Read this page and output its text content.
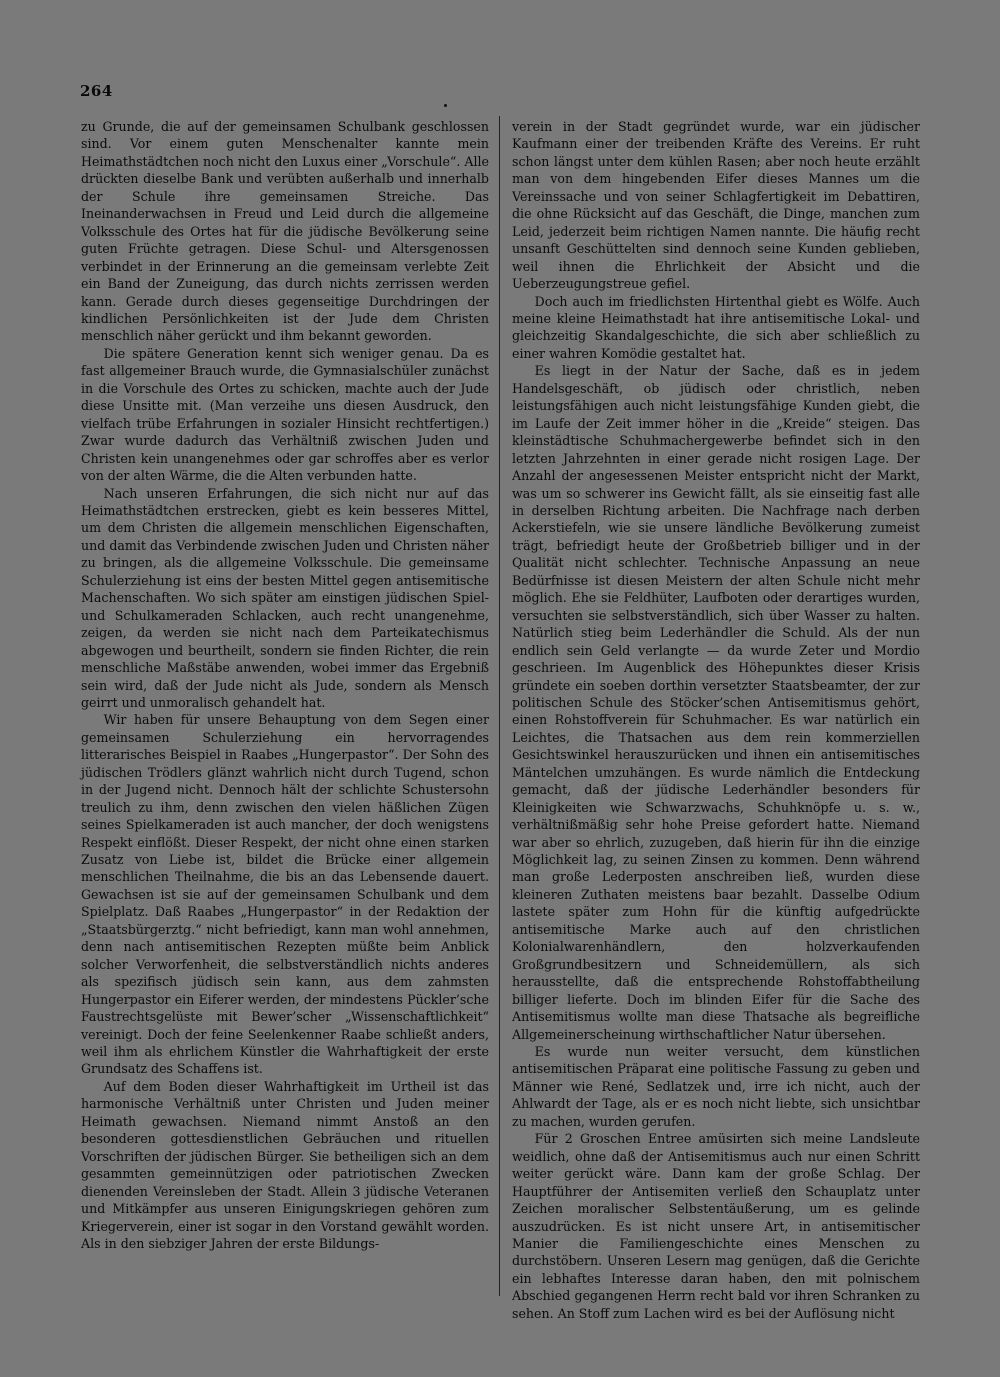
264

zu Grunde, die auf der gemeinsamen Schulbank geschlossen sind. Vor einem guten Menschenalter kannte mein Heimathstädtchen noch nicht den Luxus einer „Vorschule“. Alle drückten dieselbe Bank und verübten außerhalb und innerhalb der Schule ihre gemeinsamen Streiche. Das Ineinanderwachsen in Freud und Leid durch die allgemeine Volksschule des Ortes hat für die jüdische Bevölkerung seine guten Früchte getragen. Diese Schul- und Altersgenossen verbindet in der Erinnerung an die gemeinsam verlebte Zeit ein Band der Zuneigung, das durch nichts zerrissen werden kann. Gerade durch dieses gegenseitige Durchdringen der kindlichen Persönlichkeiten ist der Jude dem Christen menschlich näher gerückt und ihm bekannt geworden.

Die spätere Generation kennt sich weniger genau. Da es fast allgemeiner Brauch wurde, die Gymnasialschüler zunächst in die Vorschule des Ortes zu schicken, machte auch der Jude diese Unsitte mit. (Man verzeihe uns diesen Ausdruck, den vielfach trübe Erfahrungen in sozialer Hinsicht rechtfertigen.) Zwar wurde dadurch das Verhältniß zwischen Juden und Christen kein unangenehmes oder gar schroffes aber es verlor von der alten Wärme, die die Alten verbunden hatte.

Nach unseren Erfahrungen, die sich nicht nur auf das Heimathstädtchen erstrecken, giebt es kein besseres Mittel, um dem Christen die allgemein menschlichen Eigenschaften, und damit das Verbindende zwischen Juden und Christen näher zu bringen, als die allgemeine Volksschule. Die gemeinsame Schulerziehung ist eins der besten Mittel gegen antisemitische Machenschaften. Wo sich später am einstigen jüdischen Spiel- und Schulkameraden Schlacken, auch recht unangenehme, zeigen, da werden sie nicht nach dem Parteikatechismus abgewogen und beurtheilt, sondern sie finden Richter, die rein menschliche Maßstäbe anwenden, wobei immer das Ergebniß sein wird, daß der Jude nicht als Jude, sondern als Mensch geirrt und unmoralisch gehandelt hat.

Wir haben für unsere Behauptung von dem Segen einer gemeinsamen Schulerziehung ein hervorragendes litterarisches Beispiel in Raabes „Hungerpastor“. Der Sohn des jüdischen Trödlers glänzt wahrlich nicht durch Tugend, schon in der Jugend nicht. Dennoch hält der schlichte Schustersohn treulich zu ihm, denn zwischen den vielen häßlichen Zügen seines Spielkameraden ist auch mancher, der doch wenigstens Respekt einflößt. Dieser Respekt, der nicht ohne einen starken Zusatz von Liebe ist, bildet die Brücke einer allgemein menschlichen Theilnahme, die bis an das Lebensende dauert. Gewachsen ist sie auf der gemeinsamen Schulbank und dem Spielplatz. Daß Raabes „Hungerpastor“ in der Redaktion der „Staatsbürgerztg.“ nicht befriedigt, kann man wohl annehmen, denn nach antisemitischen Rezepten müßte beim Anblick solcher Verworfenheit, die selbstverständlich nichts anderes als spezifisch jüdisch sein kann, aus dem zahmsten Hungerpastor ein Eiferer werden, der mindestens Pückler’sche Faustrechtsgelüste mit Bewer’scher „Wissenschaftlichkeit“ vereinigt. Doch der feine Seelenkenner Raabe schließt anders, weil ihm als ehrlichem Künstler die Wahrhaftigkeit der erste Grundsatz des Schaffens ist.

Auf dem Boden dieser Wahrhaftigkeit im Urtheil ist das harmonische Verhältniß unter Christen und Juden meiner Heimath gewachsen. Niemand nimmt Anstoß an den besonderen gottesdienstlichen Gebräuchen und rituellen Vorschriften der jüdischen Bürger. Sie betheiligen sich an dem gesammten gemeinnützigen oder patriotischen Zwecken dienenden Vereinsleben der Stadt. Allein 3 jüdische Veteranen und Mitkämpfer aus unseren Einigungskriegen gehören zum Kriegerverein, einer ist sogar in den Vorstand gewählt worden. Als in den siebziger Jahren der erste Bildungs-

verein in der Stadt gegründet wurde, war ein jüdischer Kaufmann einer der treibenden Kräfte des Vereins. Er ruht schon längst unter dem kühlen Rasen; aber noch heute erzählt man von dem hingebenden Eifer dieses Mannes um die Vereinssache und von seiner Schlagfertigkeit im Debattiren, die ohne Rücksicht auf das Geschäft, die Dinge, manchen zum Leid, jederzeit beim richtigen Namen nannte. Die häufig recht unsanft Geschüttelten sind dennoch seine Kunden geblieben, weil ihnen die Ehrlichkeit der Absicht und die Ueberzeugungstreue gefiel.

Doch auch im friedlichsten Hirtenthal giebt es Wölfe. Auch meine kleine Heimathstadt hat ihre antisemitische Lokal- und gleichzeitig Skandalgeschichte, die sich aber schließlich zu einer wahren Komödie gestaltet hat.

Es liegt in der Natur der Sache, daß es in jedem Handelsgeschäft, ob jüdisch oder christlich, neben leistungsfähigen auch nicht leistungsfähige Kunden giebt, die im Laufe der Zeit immer höher in die „Kreide“ steigen. Das kleinstädtische Schuhmachergewerbe befindet sich in den letzten Jahrzehnten in einer gerade nicht rosigen Lage. Der Anzahl der angesessenen Meister entspricht nicht der Markt, was um so schwerer ins Gewicht fällt, als sie einseitig fast alle in derselben Richtung arbeiten. Die Nachfrage nach derben Ackerstiefeln, wie sie unsere ländliche Bevölkerung zumeist trägt, befriedigt heute der Großbetrieb billiger und in der Qualität nicht schlechter. Technische Anpassung an neue Bedürfnisse ist diesen Meistern der alten Schule nicht mehr möglich. Ehe sie Feldhüter, Laufboten oder derartiges wurden, versuchten sie selbstverständlich, sich über Wasser zu halten. Natürlich stieg beim Lederhändler die Schuld. Als der nun endlich sein Geld verlangte — da wurde Zeter und Mordio geschrieen. Im Augenblick des Höhepunktes dieser Krisis gründete ein soeben dorthin versetzter Staatsbeamter, der zur politischen Schule des Stöcker’schen Antisemitismus gehört, einen Rohstoffverein für Schuhmacher. Es war natürlich ein Leichtes, die Thatsachen aus dem rein kommerziellen Gesichtswinkel herauszurücken und ihnen ein antisemitisches Mäntelchen umzuhängen. Es wurde nämlich die Entdeckung gemacht, daß der jüdische Lederhändler besonders für Kleinigkeiten wie Schwarzwachs, Schuhknöpfe u. s. w., verhältnißmäßig sehr hohe Preise gefordert hatte. Niemand war aber so ehrlich, zuzugeben, daß hierin für ihn die einzige Möglichkeit lag, zu seinen Zinsen zu kommen. Denn während man große Lederposten anschreiben ließ, wurden diese kleineren Zuthaten meistens baar bezahlt. Dasselbe Odium lastete später zum Hohn für die künftig aufgedrückte antisemitische Marke auch auf den christlichen Kolonialwarenhändlern, den holzverkaufenden Großgrundbesitzern und Schneidemüllern, als sich herausstellte, daß die entsprechende Rohstoffabtheilung billiger lieferte. Doch im blinden Eifer für die Sache des Antisemitismus wollte man diese Thatsache als begreifliche Allgemeinerscheinung wirthschaftlicher Natur übersehen.

Es wurde nun weiter versucht, dem künstlichen antisemitischen Präparat eine politische Fassung zu geben und Männer wie René, Sedlatzek und, irre ich nicht, auch der Ahlwardt der Tage, als er es noch nicht liebte, sich unsichtbar zu machen, wurden gerufen.

Für 2 Groschen Entree amüsirten sich meine Landsleute weidlich, ohne daß der Antisemitismus auch nur einen Schritt weiter gerückt wäre. Dann kam der große Schlag. Der Hauptführer der Antisemiten verließ den Schauplatz unter Zeichen moralischer Selbstentäußerung, um es gelinde auszudrücken. Es ist nicht unsere Art, in antisemitischer Manier die Familiengeschichte eines Menschen zu durchstöbern. Unseren Lesern mag genügen, daß die Gerichte ein lebhaftes Interesse daran haben, den mit polnischem Abschied gegangenen Herrn recht bald vor ihren Schranken zu sehen. An Stoff zum Lachen wird es bei der Auflösung nicht
